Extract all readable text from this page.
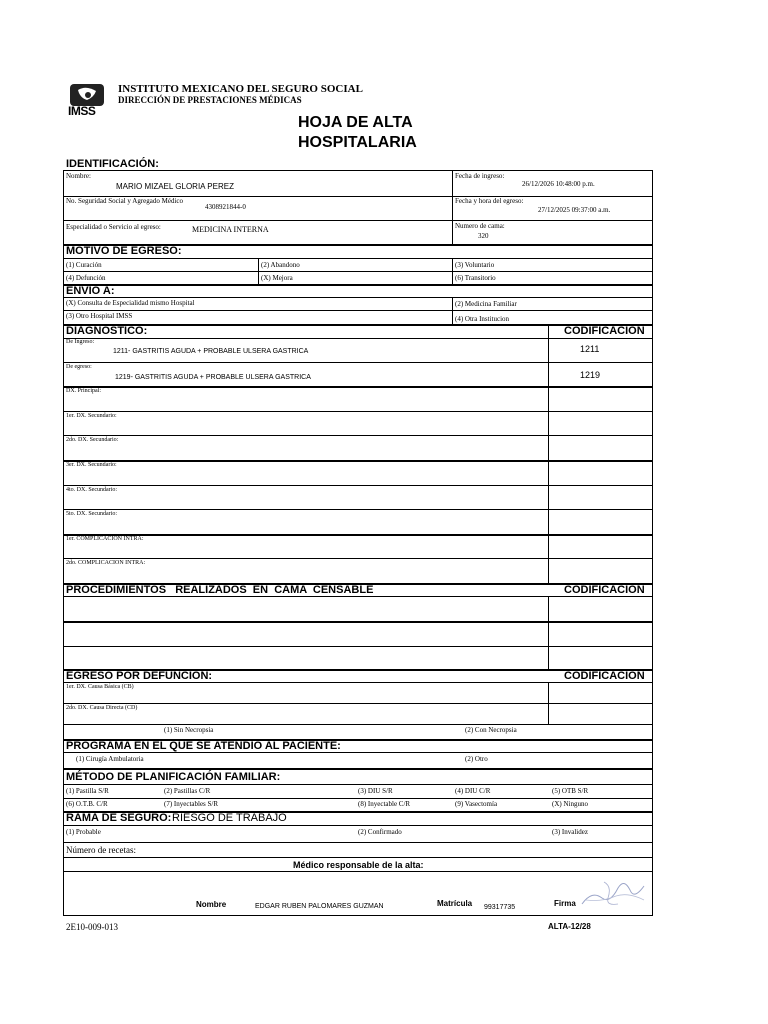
IMSS
INSTITUTO MEXICANO DEL SEGURO SOCIAL
DIRECCIÓN DE PRESTACIONES MÉDICAS
HOJA DE ALTA
HOSPITALARIA
IDENTIFICACIÓN:
Nombre:
MARIO MIZAEL GLORIA PEREZ
Fecha de ingreso:
26/12/2026 10:48:00 p.m.
No. Seguridad Social y Agregado Médico
4308921844-0
Fecha y hora del egreso:
27/12/2025 09:37:00 a.m.
Especialidad o Servicio al egreso:	MEDICINA INTERNA	Numero de cama:
320
MOTIVO DE EGRESO:
(1) Curación	(2) Abandono	(3) Voluntario
(4) Defunción	(X) Mejora	(6) Transitorio
ENVIO A:
(X) Consulta de Especialidad mismo Hospital	(2) Medicina Familiar
(3) Otro Hospital IMSS	(4) Otra Institucion
DIAGNOSTICO:	CODIFICACION
De Ingreso:
1211- GASTRITIS AGUDA + PROBABLE ULSERA GASTRICA	1211
De egreso:
1219- GASTRITIS AGUDA + PROBABLE ULSERA GASTRICA	1219
DX. Principal:
1er. DX. Secundario:
2do. DX. Secundario:
3er. DX. Secundario:
4to. DX. Secundario:
5to. DX. Secundario:
1er. COMPLICACION INTRA:
2do. COMPLICACION INTRA:
PROCEDIMIENTOS   REALIZADOS  EN  CAMA  CENSABLE	CODIFICACION
EGRESO POR DEFUNCIÓN:	CODIFICACIÓN
1er. DX. Causa Básica (CB)
2do. DX. Causa Directa (CD)
(1) Sin Necropsia	(2) Con Necropsia
PROGRAMA EN EL QUE SE ATENDIÓ AL PACIENTE:
(1) Cirugía Ambulatoria	(2) Otro
MÉTODO DE PLANIFICACIÓN FAMILIAR:
(1) Pastilla S/R	(2) Pastillas C/R	(3) DIU S/R	(4) DIU C/R	(5) OTB S/R
(6) O.T.B. C/R	(7) Inyectables S/R	(8) Inyectable C/R	(9) Vasectomía	(X) Ninguno
RAMA DE SEGURO: RIESGO DE TRABAJO
(1) Probable	(2) Confirmado	(3) Invalidez
Número de recetas:
Médico responsable de la alta:
Nombre	EDGAR RUBEN PALOMARES GUZMAN	Matrícula 99317735	Firma
2E10-009-013	ALTA-12/28
